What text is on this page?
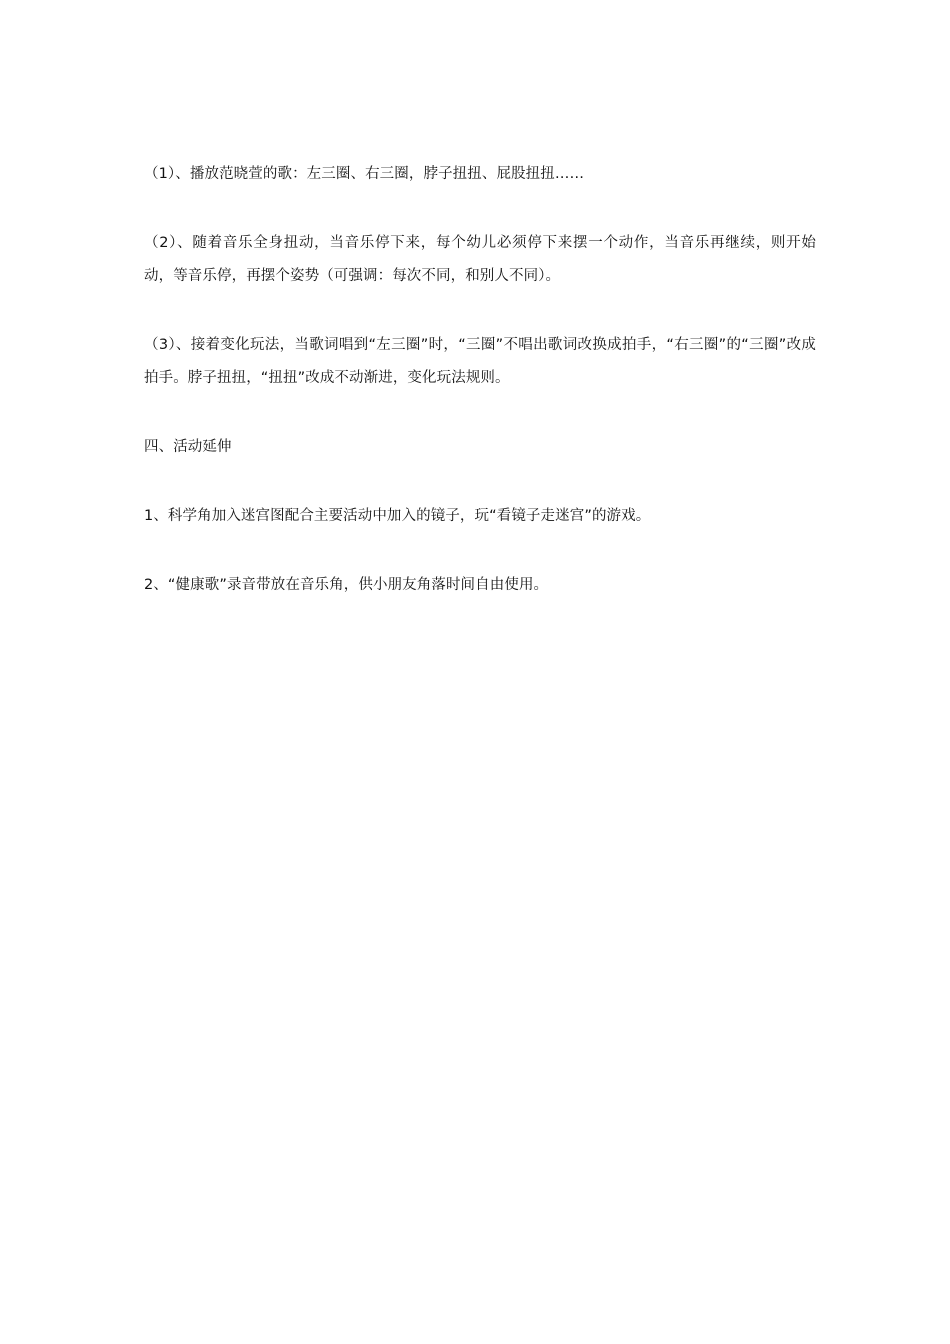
（1）、播放范晓萱的歌：左三圈、右三圈，脖子扭扭、屁股扭扭……

（2）、随着音乐全身扭动，当音乐停下来，每个幼儿必须停下来摆一个动作，当音乐再继续，则开始动，等音乐停，再摆个姿势（可强调：每次不同，和别人不同）。

（3）、接着变化玩法，当歌词唱到“左三圈”时，“三圈”不唱出歌词改换成拍手，“右三圈”的“三圈”改成拍手。脖子扭扭，“扭扭”改成不动渐进，变化玩法规则。

四、活动延伸

1、科学角加入迷宫图配合主要活动中加入的镜子，玩“看镜子走迷宫”的游戏。

2、“健康歌”录音带放在音乐角，供小朋友角落时间自由使用。
